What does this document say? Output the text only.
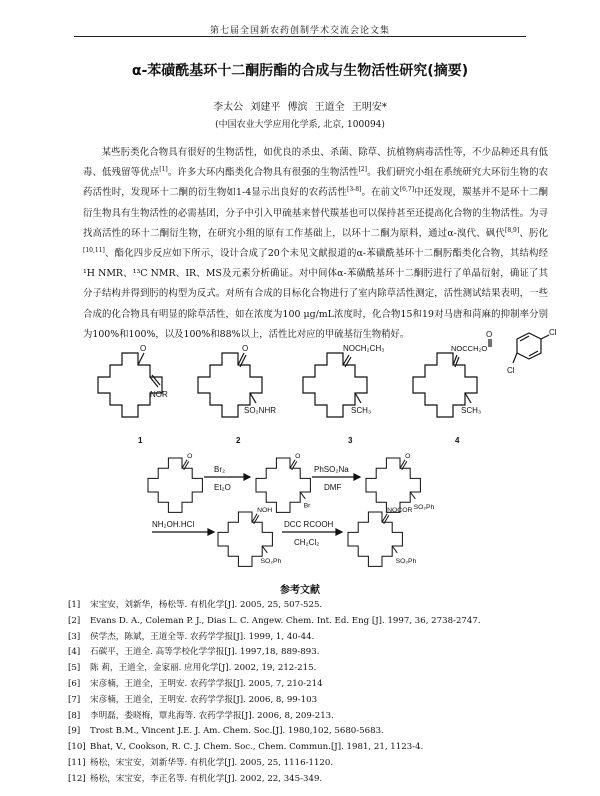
第七届全国新农药创制学术交流会论文集
α-苯磺酰基环十二酮肟酯的合成与生物活性研究(摘要)
李太公 刘建平 傅滨 王道全 王明安*
(中国农业大学应用化学系, 北京, 100094)

某些肟类化合物具有很好的生物活性，如优良的杀虫、杀菌、除草、抗植物病毒活性等，不少品种还具有低毒、低残留等优点[1]。许多大环内酯类化合物具有很强的生物活性[2]。我们研究小组在系统研究大环衍生物的农药活性时，发现环十二酮的衍生物如1-4显示出良好的农药活性[3-8]。在前文[6,7]中还发现，羰基并不是环十二酮衍生物具有生物活性的必需基团，分子中引入甲硫基来替代羰基也可以保持甚至还提高化合物的生物活性。为寻找高活性的环十二酮衍生物，在研究小组的原有工作基础上，以环十二酮为原料，通过α-溴代、砜代[8,9]、肟化[10,11]、酯化四步反应如下所示，设计合成了20个未见文献报道的α-苯磺酰基环十二酮肟酯类化合物，其结构经 ¹H NMR、¹³C NMR、IR、MS及元素分析确证。对中间体α-苯磺酰基环十二酮肟进行了单晶衍射，确证了其分子结构并得到肟的构型为反式。对所有合成的目标化合物进行了室内除草活性测定，活性测试结果表明，一些合成的化合物具有明显的除草活性，如在浓度为100 μg/mL浓度时，化合物15和19对马唐和苘麻的抑制率分别为100%和100%，以及100%和88%以上，活性比对应的甲硫基衍生物稍好。

O
NOR
1
O
SO₂NHR
2
NOCH₂CH₃
SCH₃
3
NOCCH₂O
O	Cl
Cl
SCH₃
4
O
Br₂
Et₂O
O
Br
PhSO₂Na
DMF
O
SO₂Ph
NH₂OH.HCl
NOH
SO₂Ph
DCC RCOOH
CH₂Cl₂
NOCOR
SO₂Ph
参考文献
[1] 宋宝安，刘新华，杨松等. 有机化学[J]. 2005, 25, 507-525.
[2] Evans D. A., Coleman P. J., Dias L. C. Angew. Chem. Int. Ed. Eng [J]. 1997, 36, 2738-2747.
[3] 侯学杰，陈斌，王道全等. 农药学学报[J]. 1999, 1, 40-44.
[4] 石碳平，王道全. 高等学校化学学报[J]. 1997,18, 889-893.
[5] 陈 莉，王道全，金家丽. 应用化学[J]. 2002, 19, 212-215.
[6] 宋彦楠，王道全，王明安. 农药学学报[J]. 2005, 7, 210-214
[7] 宋彦楠，王道全，王明安. 农药学学报[J]. 2006, 8, 99-103
[8] 李明磊，娄晓梅，覃兆海等. 农药学学报[J]. 2006, 8, 209-213.
[9] Trost B.M., Vincent J.E. J. Am. Chem. Soc.[J]. 1980,102, 5680-5683.
[10] Bhat, V., Cookson, R. C. J. Chem. Soc., Chem. Commun.[J]. 1981, 21, 1123-4.
[11] 杨松，宋宝安，刘新华等. 有机化学[J]. 2005, 25, 1116-1120.
[12] 杨松，宋宝安，李正名等. 有机化学[J]. 2002, 22, 345-349.
